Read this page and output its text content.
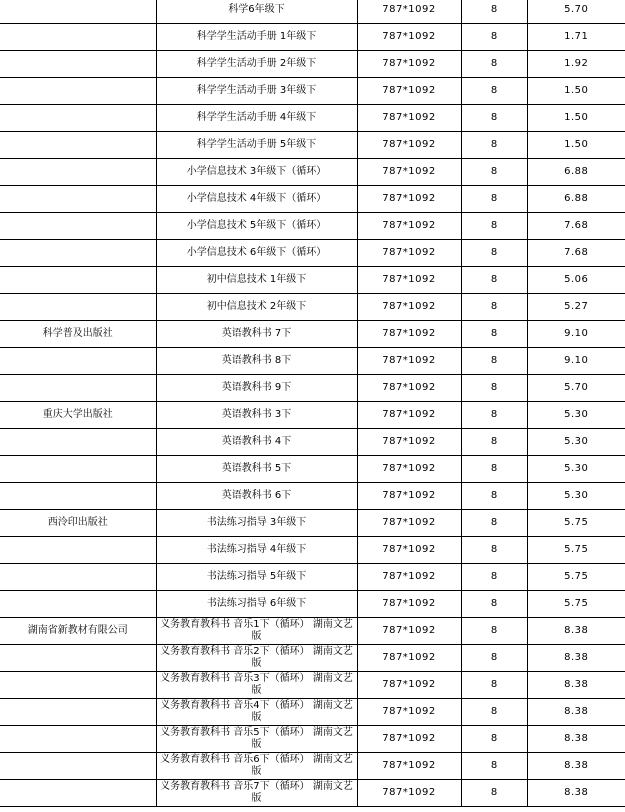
	科学6年级下	787*1092	8	5.70
	科学学生活动手册 1年级下	787*1092	8	1.71
	科学学生活动手册 2年级下	787*1092	8	1.92
	科学学生活动手册 3年级下	787*1092	8	1.50
	科学学生活动手册 4年级下	787*1092	8	1.50
	科学学生活动手册 5年级下	787*1092	8	1.50
	小学信息技术 3年级下（循环）	787*1092	8	6.88
	小学信息技术 4年级下（循环）	787*1092	8	6.88
	小学信息技术 5年级下（循环）	787*1092	8	7.68
	小学信息技术 6年级下（循环）	787*1092	8	7.68
	初中信息技术 1年级下	787*1092	8	5.06
	初中信息技术 2年级下	787*1092	8	5.27
科学普及出版社	英语教科书 7下	787*1092	8	9.10
	英语教科书 8下	787*1092	8	9.10
	英语教科书 9下	787*1092	8	5.70
重庆大学出版社	英语教科书 3下	787*1092	8	5.30
	英语教科书 4下	787*1092	8	5.30
	英语教科书 5下	787*1092	8	5.30
	英语教科书 6下	787*1092	8	5.30
西泠印出版社	书法练习指导 3年级下	787*1092	8	5.75
	书法练习指导 4年级下	787*1092	8	5.75
	书法练习指导 5年级下	787*1092	8	5.75
	书法练习指导 6年级下	787*1092	8	5.75
湖南省新教材有限公司	义务教育教科书 音乐1下（循环） 湖南文艺版	787*1092	8	8.38
	义务教育教科书 音乐2下（循环） 湖南文艺版	787*1092	8	8.38
	义务教育教科书 音乐3下（循环） 湖南文艺版	787*1092	8	8.38
	义务教育教科书 音乐4下（循环） 湖南文艺版	787*1092	8	8.38
	义务教育教科书 音乐5下（循环） 湖南文艺版	787*1092	8	8.38
	义务教育教科书 音乐6下（循环） 湖南文艺版	787*1092	8	8.38
	义务教育教科书 音乐7下（循环） 湖南文艺版	787*1092	8	8.38
